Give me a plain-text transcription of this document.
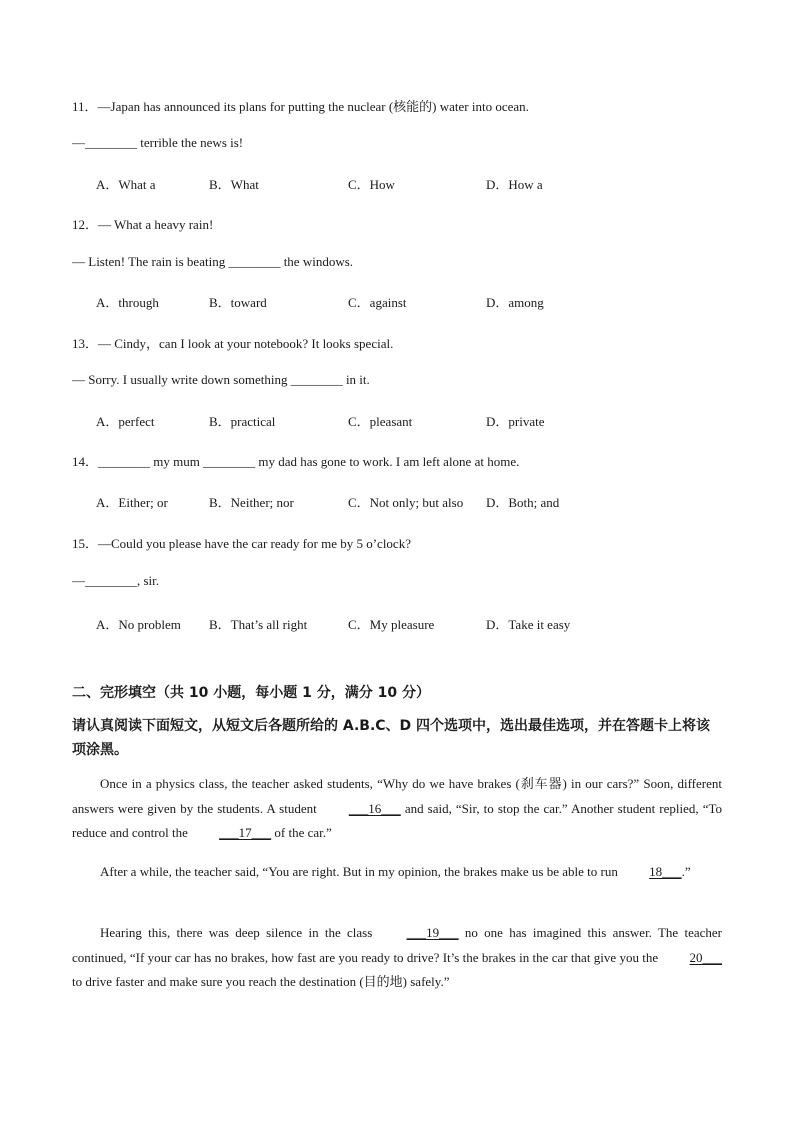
11．—Japan has announced its plans for putting the nuclear (核能的) water into ocean.
—________ terrible the news is!
A．What a	B．What	C．How	D．How a
12．— What a heavy rain!
— Listen! The rain is beating ________ the windows.
A．through	B．toward	C．against	D．among
13．— Cindy，can I look at your notebook? It looks special.
— Sorry. I usually write down something ________ in it.
A．perfect	B．practical	C．pleasant	D．private
14．________ my mum ________ my dad has gone to work. I am left alone at home.
A．Either; or	B．Neither; nor	C．Not only; but also D．Both; and
15．—Could you please have the car ready for me by 5 o’clock?
—________, sir.
A．No problem B．That’s all right	C．My pleasure	D．Take it easy
二、完形填空（共 10 小题，每小题 1 分，满分 10 分）
请认真阅读下面短文，从短文后各题所给的 A.B.C、D 四个选项中，选出最佳选项，并在答题卡上将该项涂黑。
Once in a physics class, the teacher asked students, “Why do we have brakes (刹车器) in our cars?” Soon, different answers were given by the students. A student ___16___ and said, “Sir, to stop the car.” Another student replied, “To reduce and control the ___17___ of the car.”
After a while, the teacher said, “You are right. But in my opinion, the brakes make us be able to run 18___.”
Hearing this, there was deep silence in the class ___19___ no one has imagined this answer. The teacher continued, “If your car has no brakes, how fast are you ready to drive? It’s the brakes in the car that give you the 20___ to drive faster and make sure you reach the destination (目的地) safely.”
